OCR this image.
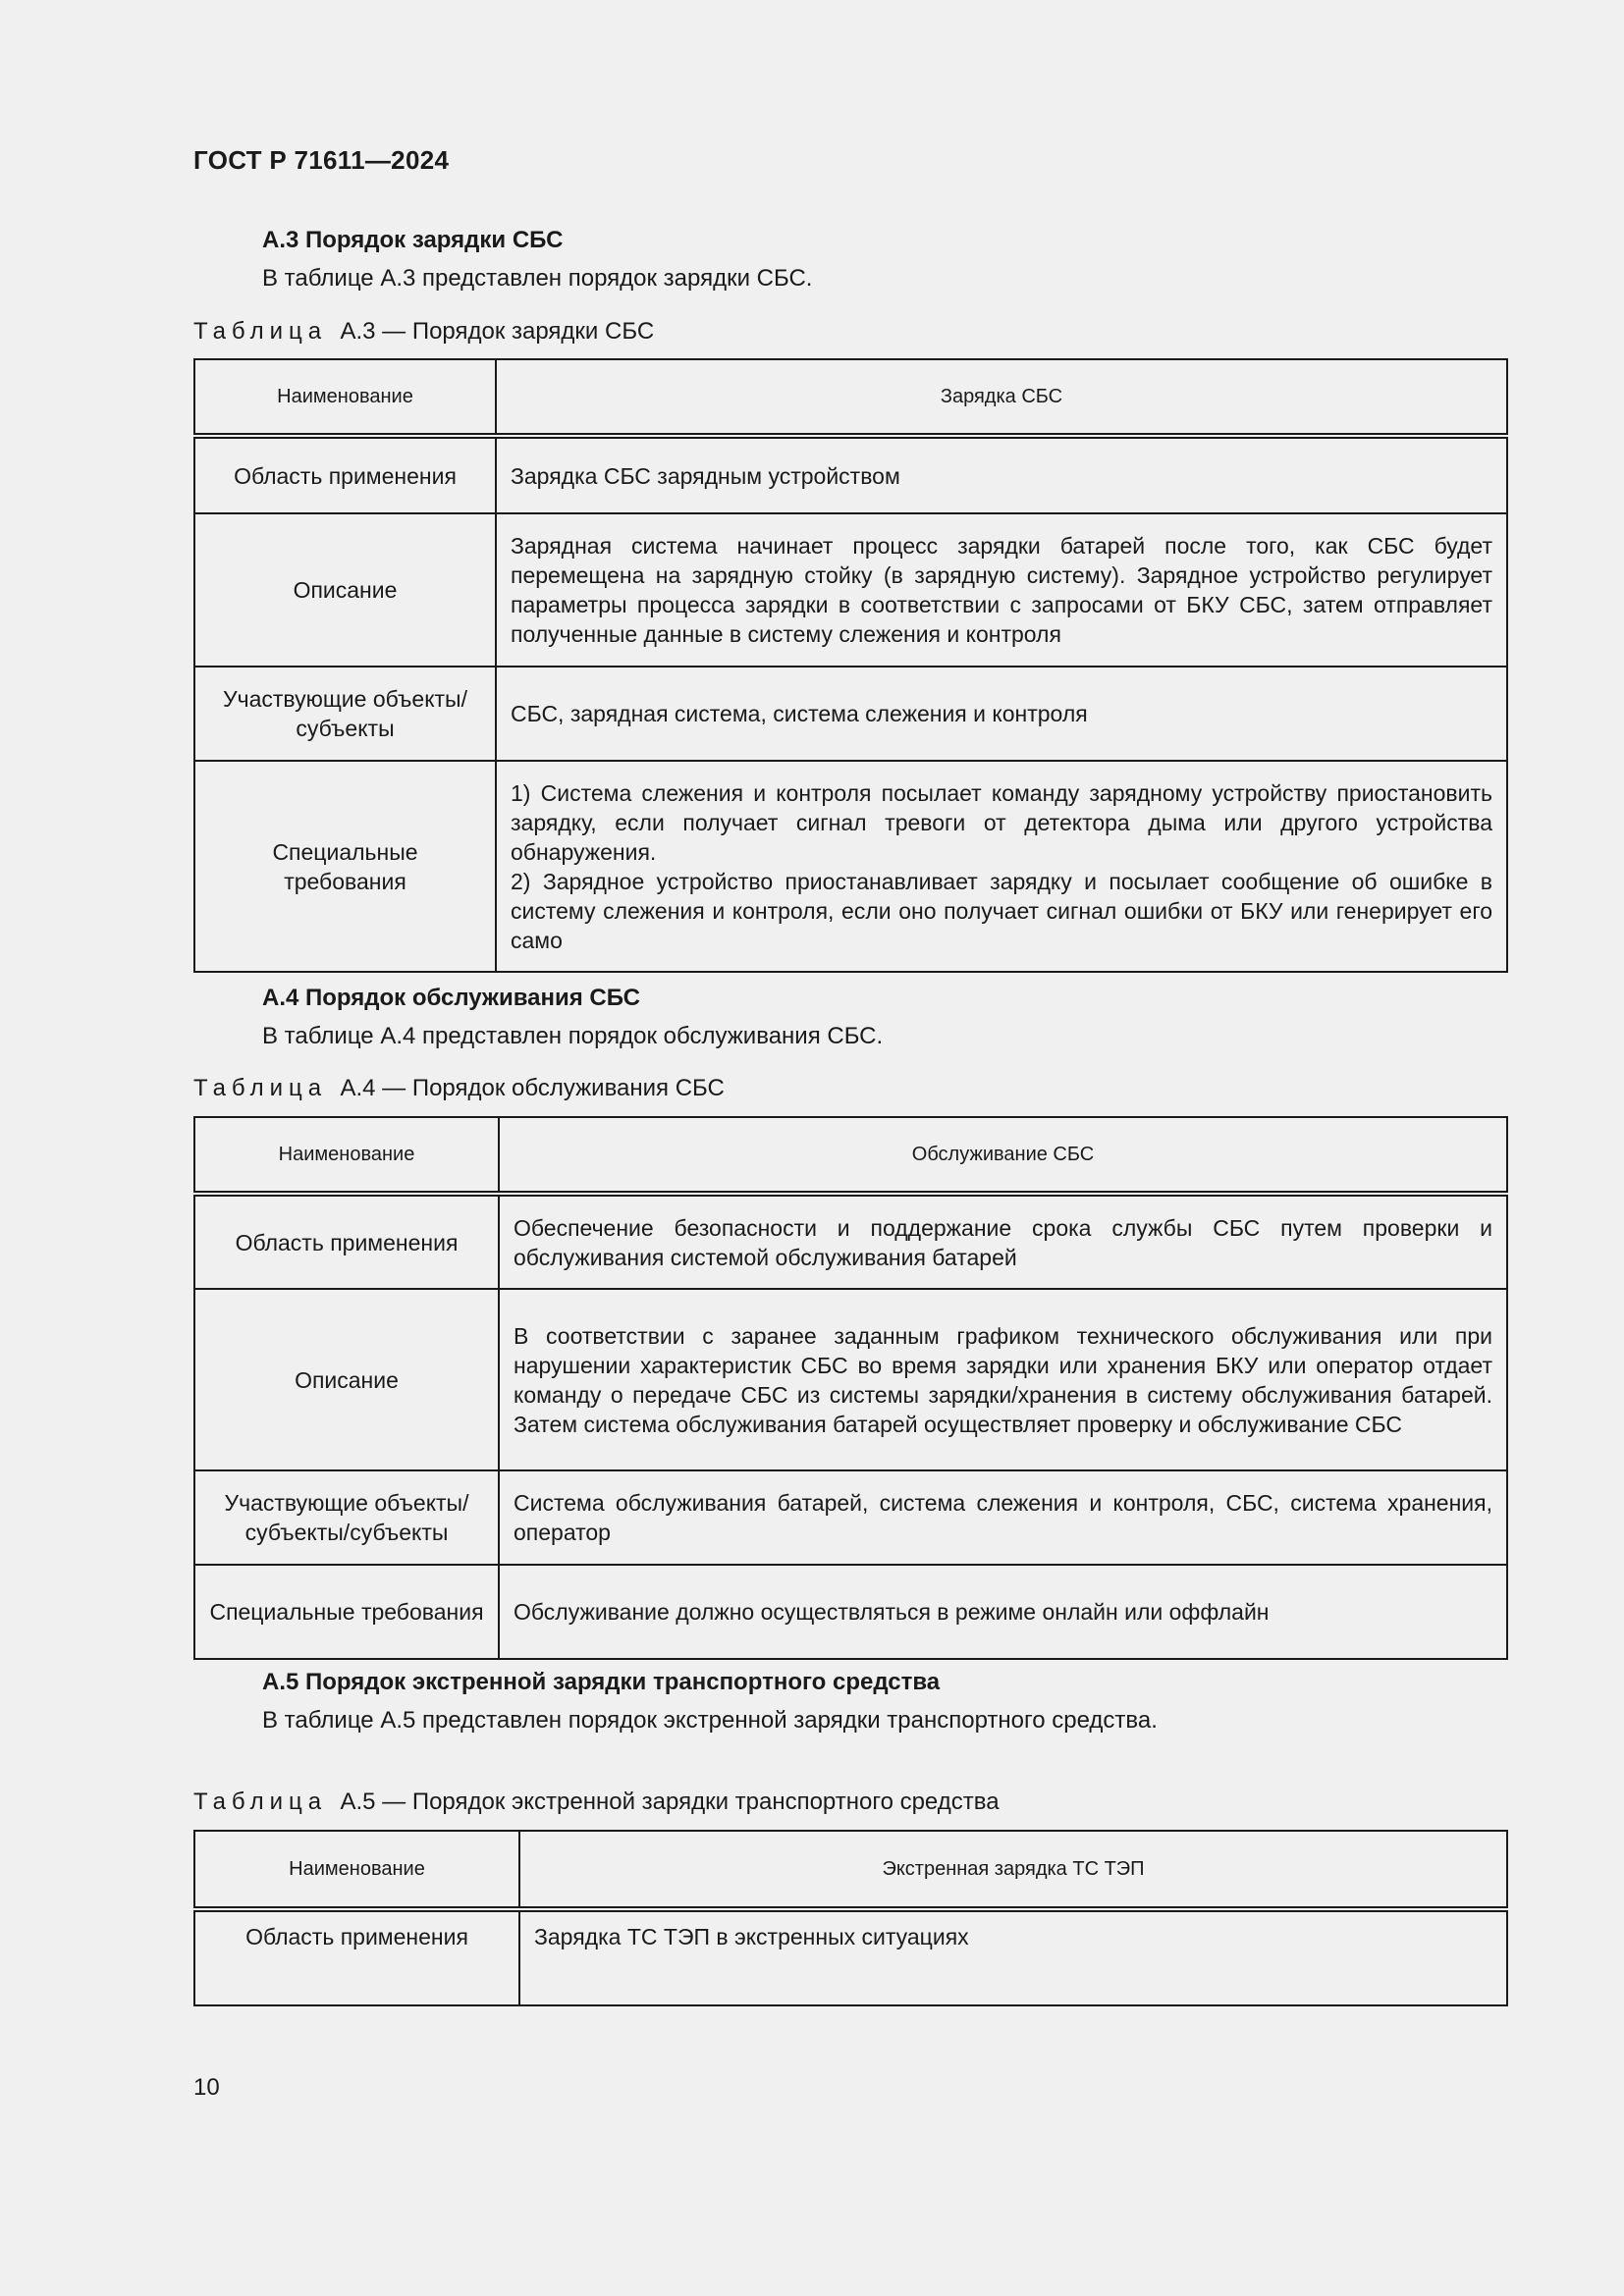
ГОСТ Р 71611—2024
А.3 Порядок зарядки СБС
В таблице А.3 представлен порядок зарядки СБС.
Таблица А.3 — Порядок зарядки СБС
Наименование	Зарядка СБС
Область применения	Зарядка СБС зарядным устройством
Описание	Зарядная система начинает процесс зарядки батарей после того, как СБС будет перемещена на зарядную стойку (в зарядную систему). Зарядное устройство регулирует параметры процесса зарядки в соответствии с запросами от БКУ СБС, затем отправляет полученные данные в систему слежения и контроля
Участвующие объекты/субъекты	СБС, зарядная система, система слежения и контроля
Специальные требования	1) Система слежения и контроля посылает команду зарядному устройству приостановить зарядку, если получает сигнал тревоги от детектора дыма или другого устройства обнаружения.
2) Зарядное устройство приостанавливает зарядку и посылает сообщение об ошибке в систему слежения и контроля, если оно получает сигнал ошибки от БКУ или генерирует его само
А.4 Порядок обслуживания СБС
В таблице А.4 представлен порядок обслуживания СБС.
Таблица А.4 — Порядок обслуживания СБС
Наименование	Обслуживание СБС
Область применения	Обеспечение безопасности и поддержание срока службы СБС путем проверки и обслуживания системой обслуживания батарей
Описание	В соответствии с заранее заданным графиком технического обслуживания или при нарушении характеристик СБС во время зарядки или хранения БКУ или оператор отдает команду о передаче СБС из системы зарядки/хранения в систему обслуживания батарей. Затем система обслуживания батарей осуществляет проверку и обслуживание СБС
Участвующие объекты/субъекты/субъекты	Система обслуживания батарей, система слежения и контроля, СБС, система хранения, оператор
Специальные требования	Обслуживание должно осуществляться в режиме онлайн или оффлайн
А.5 Порядок экстренной зарядки транспортного средства
В таблице А.5 представлен порядок экстренной зарядки транспортного средства.
Таблица А.5 — Порядок экстренной зарядки транспортного средства
Наименование	Экстренная зарядка ТС ТЭП
Область применения	Зарядка ТС ТЭП в экстренных ситуациях
10
